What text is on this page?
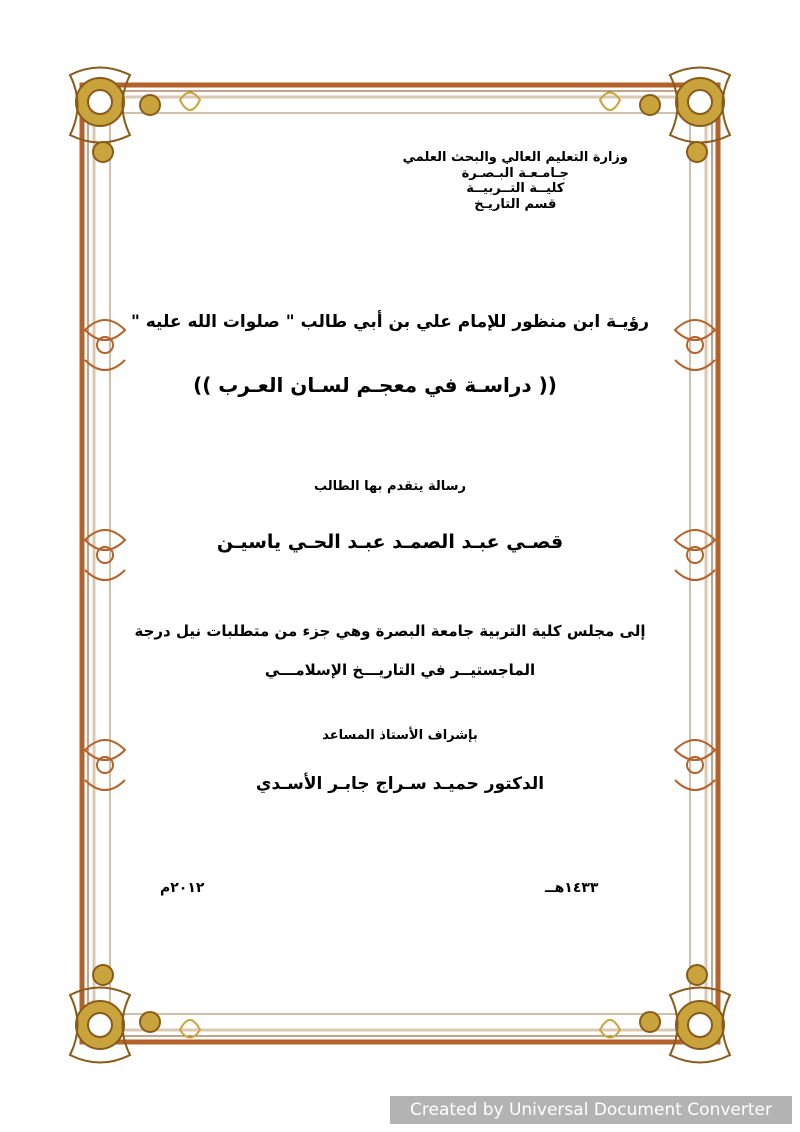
وزارة التعليم العالي والبحث العلمي
جـامـعـة البـصـرة
كليــة التــربيــة
قسم التاريـخ
رؤيـة ابن منظور للإمام علي بن أبي طالب " صلوات الله عليه "
(( دراسـة في معجـم لسـان العـرب ))
رسالة يتقدم بها الطالب
قصـي عبـد الصمـد عبـد الحـي ياسيـن
إلى مجلس كلية التربية جامعة البصرة وهي جزء من متطلبات نيل درجة
الماجستيــر في التاريـــخ الإسلامـــي
بإشراف الأستاذ المساعد
الدكتور حميـد سـراج جابـر الأسـدي
١٤٣٣هــ
٢٠١٢م
Created by Universal Document Converter
